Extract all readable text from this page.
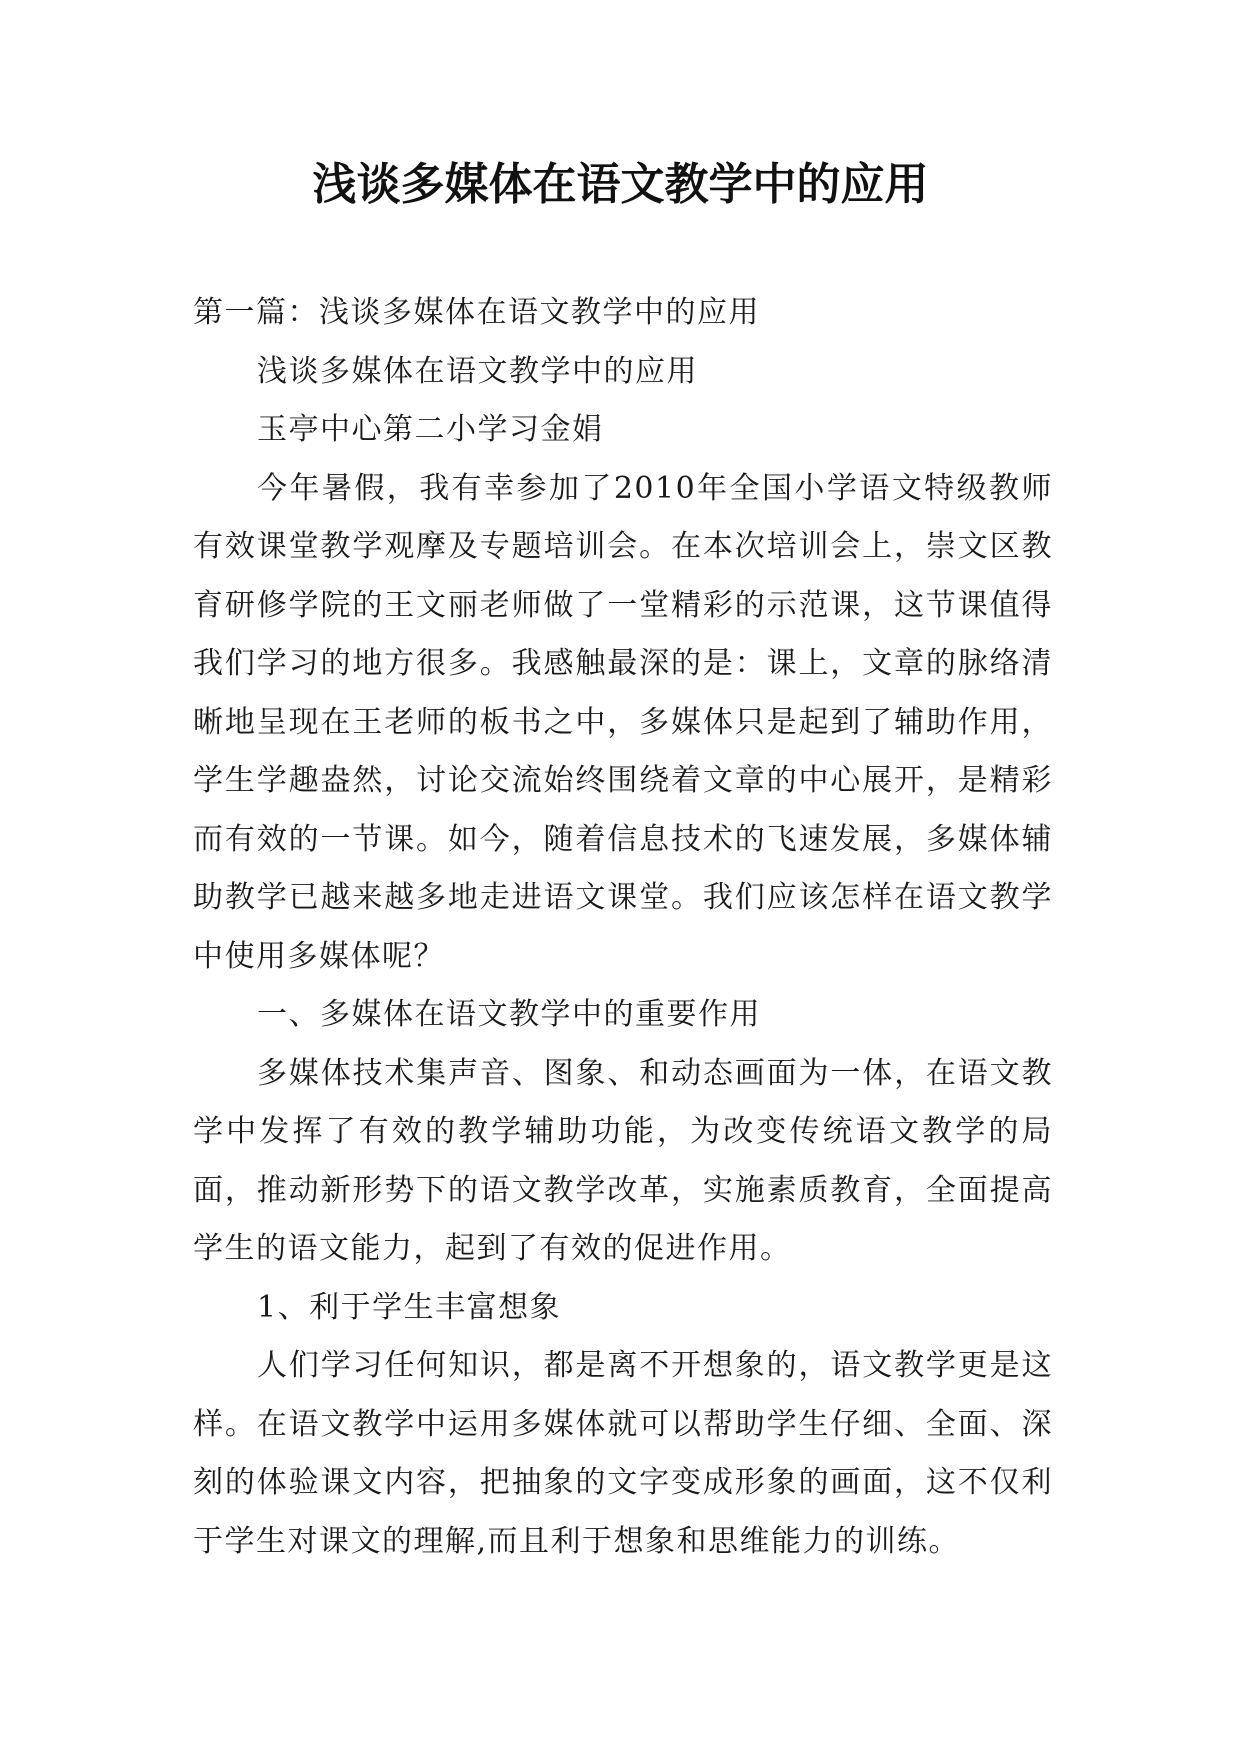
浅谈多媒体在语文教学中的应用

第一篇：浅谈多媒体在语文教学中的应用

浅谈多媒体在语文教学中的应用

玉亭中心第二小学习金娟

今年暑假，我有幸参加了2010年全国小学语文特级教师有效课堂教学观摩及专题培训会。在本次培训会上，崇文区教育研修学院的王文丽老师做了一堂精彩的示范课，这节课值得我们学习的地方很多。我感触最深的是：课上，文章的脉络清晰地呈现在王老师的板书之中，多媒体只是起到了辅助作用，学生学趣盎然，讨论交流始终围绕着文章的中心展开，是精彩而有效的一节课。如今，随着信息技术的飞速发展，多媒体辅助教学已越来越多地走进语文课堂。我们应该怎样在语文教学中使用多媒体呢？

一、多媒体在语文教学中的重要作用

多媒体技术集声音、图象、和动态画面为一体，在语文教学中发挥了有效的教学辅助功能，为改变传统语文教学的局面，推动新形势下的语文教学改革，实施素质教育，全面提高学生的语文能力，起到了有效的促进作用。

1、利于学生丰富想象

人们学习任何知识，都是离不开想象的，语文教学更是这样。在语文教学中运用多媒体就可以帮助学生仔细、全面、深刻的体验课文内容，把抽象的文字变成形象的画面，这不仅利于学生对课文的理解,而且利于想象和思维能力的训练。
